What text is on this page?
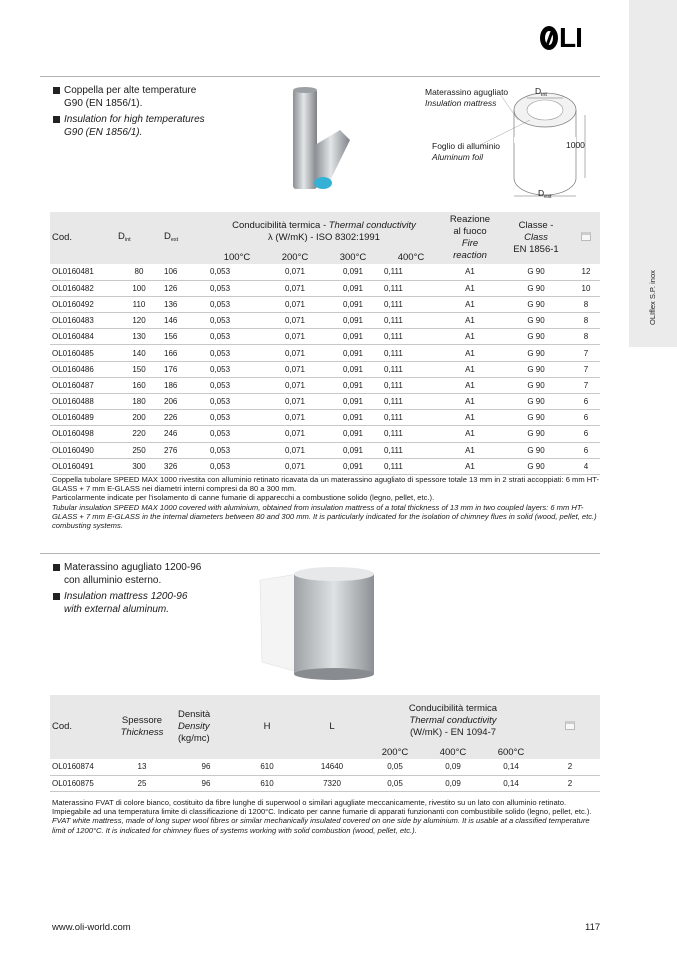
OLIflex S.P. inox
LI
Coppella per alte temperature
G90 (EN 1856/1).
Insulation for high temperatures
G90 (EN 1856/1).
Materassino agugliato
Insulation mattress
Foglio di alluminio
Aluminum foil
$D_{int}$
1000
$D_{est}$
Cod.	$D_{int}$	$D_{est}$	Conducibilità termica - Thermal conductivity
λ (W/mK) - ISO 8302:1991				Reazione
al fuoco
Fire
reaction	Classe -
Class
EN 1856-1	
			100°C	200°C	300°C	400°C			
OL0160481	80	106	0,053	0,071	0,091	0,111	A1	G 90	12
OL0160482	100	126	0,053	0,071	0,091	0,111	A1	G 90	10
OL0160492	110	136	0,053	0,071	0,091	0,111	A1	G 90	8
OL0160483	120	146	0,053	0,071	0,091	0,111	A1	G 90	8
OL0160484	130	156	0,053	0,071	0,091	0,111	A1	G 90	8
OL0160485	140	166	0,053	0,071	0,091	0,111	A1	G 90	7
OL0160486	150	176	0,053	0,071	0,091	0,111	A1	G 90	7
OL0160487	160	186	0,053	0,071	0,091	0,111	A1	G 90	7
OL0160488	180	206	0,053	0,071	0,091	0,111	A1	G 90	6
OL0160489	200	226	0,053	0,071	0,091	0,111	A1	G 90	6
OL0160498	220	246	0,053	0,071	0,091	0,111	A1	G 90	6
OL0160490	250	276	0,053	0,071	0,091	0,111	A1	G 90	6
OL0160491	300	326	0,053	0,071	0,091	0,111	A1	G 90	4
Coppella tubolare SPEED MAX 1000 rivestita con alluminio retinato ricavata da un materassino agugliato di spessore totale 13 mm in 2 strati accoppiati: 6 mm HT-GLASS + 7 mm E-GLASS nei diametri interni compresi da 80 a 300 mm.
Particolarmente indicate per l'isolamento di canne fumarie di apparecchi a combustione solido (legno, pellet, etc.).
Tubular insulation SPEED MAX 1000 covered with aluminium, obtained from insulation mattress of a total thickness of 13 mm in two coupled layers: 6 mm HT-GLASS + 7 mm E-GLASS in the internal diameters between 80 and 300 mm. It is particularly indicated for the isolation of chimney flues in solid (wood, pellet, etc.) combusting systems.
Materassino agugliato 1200-96
con alluminio esterno.
Insulation mattress 1200-96
with external aluminum.
Cod.	Spessore
Thickness	Densità
Density
(kg/mc)	H	L	Conducibilità termica
Thermal conductivity
(W/mK) - EN 1094-7			
					200°C	400°C	600°C	
OL0160874	13	96	610	14640	0,05	0,09	0,14	2
OL0160875	25	96	610	7320	0,05	0,09	0,14	2
Materassino FVAT di colore bianco, costituito da fibre lunghe di superwool o similari agugliate meccanicamente, rivestito su un lato con alluminio retinato. Impiegabile ad una temperatura limite di classificazione di 1200°C. Indicato per canne fumarie di apparati funzionanti con combustibile solido (legno, pellet, etc.).
FVAT white mattress, made of long super wool fibres or similar mechanically insulated covered on one side by aluminium. It is usable at a classified temperature limit of 1200°C. It is indicated for chimney flues of systems working with solid combustion (wood, pellet, etc.).
www.oli-world.com	117
